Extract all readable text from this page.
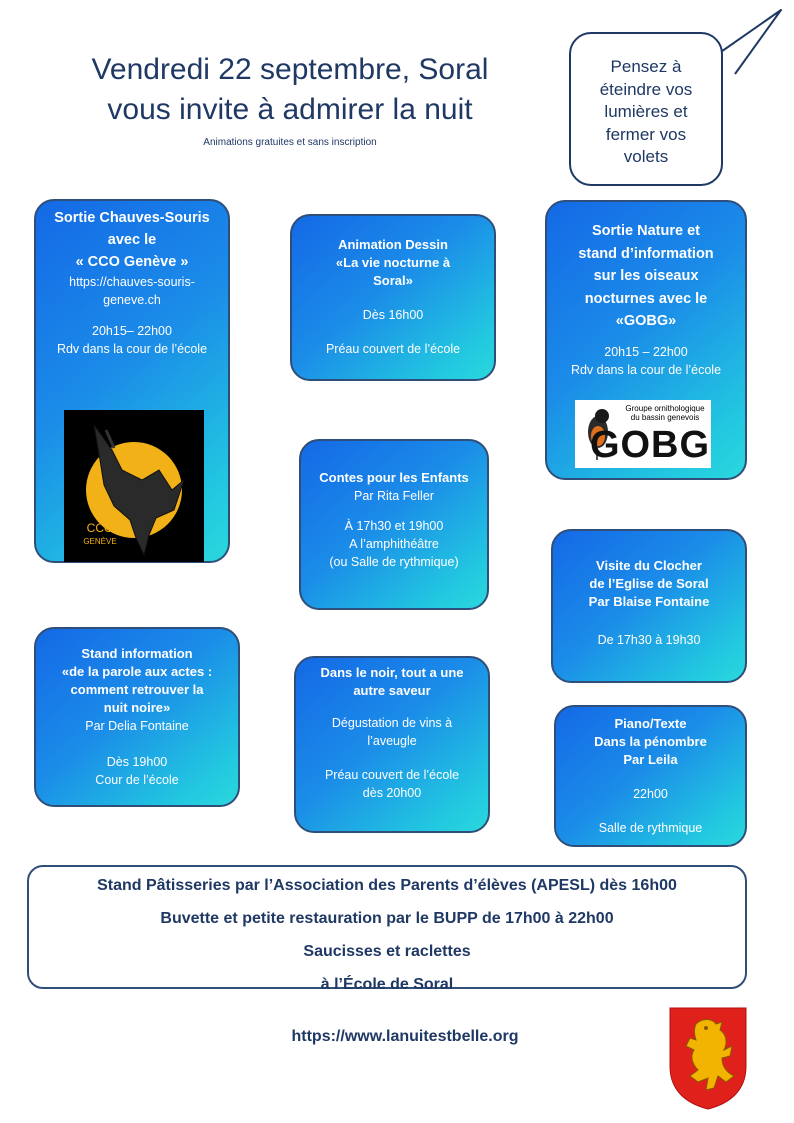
Vendredi 22 septembre, Soral
vous invite à admirer la nuit
Animations gratuites et sans inscription
Pensez à
éteindre vos
lumières et
fermer vos
volets
Sortie Chauves-Souris
avec le
« CCO Genève »
https://chauves-souris-
geneve.ch
20h15– 22h00
Rdv dans la cour de l’école
CCO
GENÈVE
Animation Dessin
«La vie nocturne à
Soral»
Dès 16h00
Préau couvert de l’école
Sortie Nature et
stand d’information
sur les oiseaux
nocturnes avec le
«GOBG»
20h15 – 22h00
Rdv dans la cour de l’école
Groupe ornithologique
du bassin genevois
GOBG
Contes pour les Enfants
Par Rita Feller
À 17h30 et 19h00
A l’amphithéâtre
(ou Salle de rythmique)	Visite du Clocher
de l’Eglise de Soral
Par Blaise Fontaine
De 17h30 à 19h30
Stand information
«de la parole aux actes :
comment retrouver la
nuit noire»
Par Delia Fontaine
Dès 19h00
Cour de l’école
Dans le noir, tout a une
autre saveur
Dégustation de vins à
l’aveugle
Préau couvert de l’école
dès 20h00
Piano/Texte
Dans la pénombre
Par Leila
22h00
Salle de rythmique
Stand Pâtisseries par l’Association des Parents d’élèves (APESL) dès 16h00
Buvette et petite restauration par le BUPP de 17h00 à 22h00
Saucisses et raclettes
à l’École de Soral
https://www.lanuitestbelle.org
